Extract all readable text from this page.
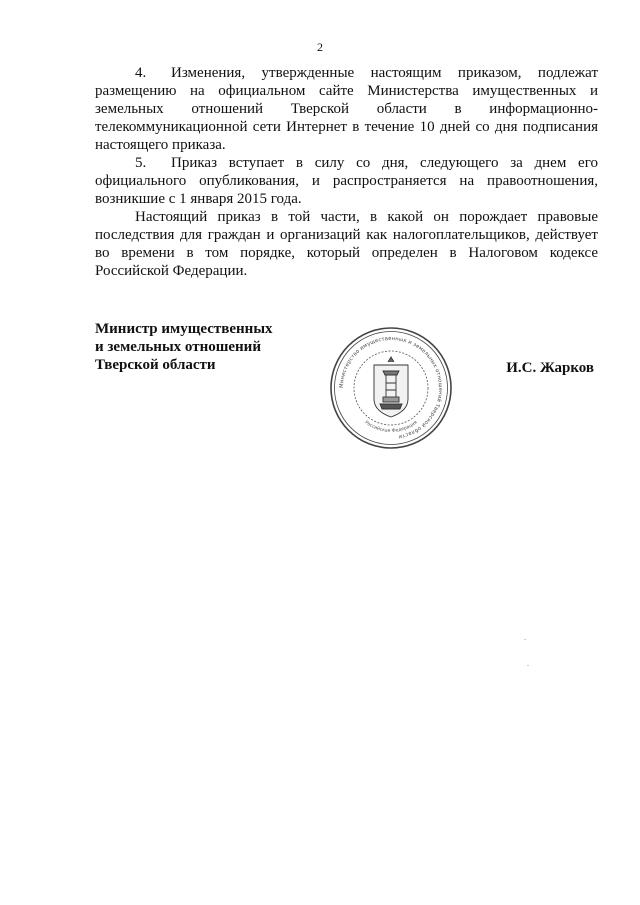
2

4. Изменения, утвержденные настоящим приказом, подлежат размещению на официальном сайте Министерства имущественных и земельных отношений Тверской области в информационно-телекоммуникационной сети Интернет в течение 10 дней со дня подписания настоящего приказа.

5. Приказ вступает в силу со дня, следующего за днем его официального опубликования, и распространяется на правоотношения, возникшие с 1 января 2015 года.

Настоящий приказ в той части, в какой он порождает правовые последствия для граждан и организаций как налогоплательщиков, действует во времени в том порядке, который определен в Налоговом кодексе Российской Федерации.

Министр имущественных
и земельных отношений
Тверской области
Министерство имущественных и земельных отношений Тверской области
Российская Федерация
И.С. Жарков
